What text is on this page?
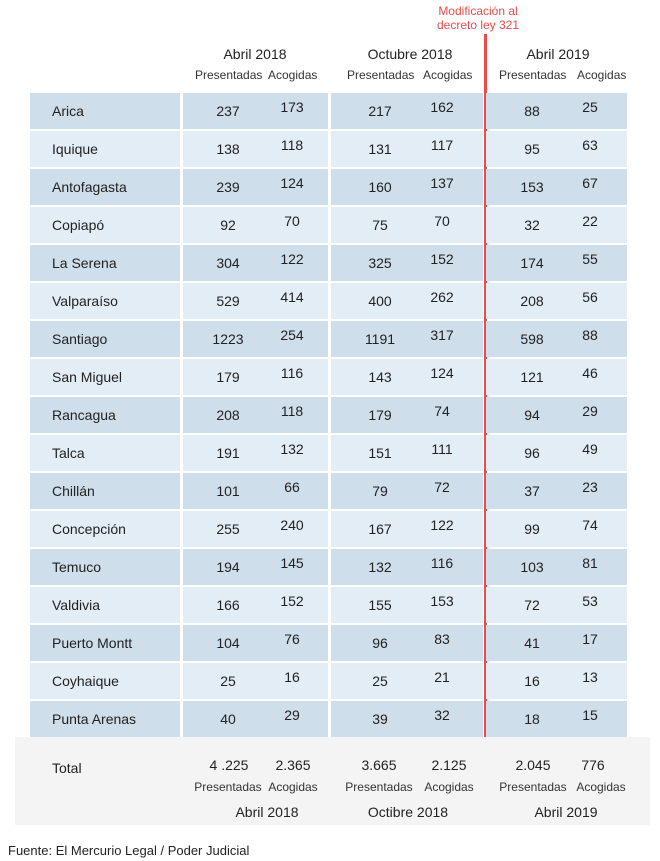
Modificación al decreto ley 321
Abril 2018	Octubre 2018	Abril 2019
Presentadas Acogidas Presentadas Acogidas Presentadas Acogidas
Arica	237	173	217	162	88	25
Iquique	138	118	131	117	95	63
Antofagasta	239	124	160	137	153	67
Copiapó	92	70	75	70	32	22
La Serena	304	122	325	152	174	55
Valparaíso	529	414	400	262	208	56
Santiago	1223	254	1191	317	598	88
San Miguel	179	116	143	124	121	46
Rancagua	208	118	179	74	94	29
Talca	191	132	151	111	96	49
Chillán	101	66	79	72	37	23
Concepción	255	240	167	122	99	74
Temuco	194	145	132	116	103	81
Valdivia	166	152	155	153	72	53
Puerto Montt	104	76	96	83	41	17
Coyhaique	25	16	25	21	16	13
Punta Arenas	40	29	39	32	18	15
Total	4 .225	2.365	3.665	2.125	2.045	776
Presentadas Acogidas	Presentadas Acogidas	Presentadas Acogidas
Abril 2018	Octibre 2018	Abril 2019
Fuente: El Mercurio Legal / Poder Judicial
